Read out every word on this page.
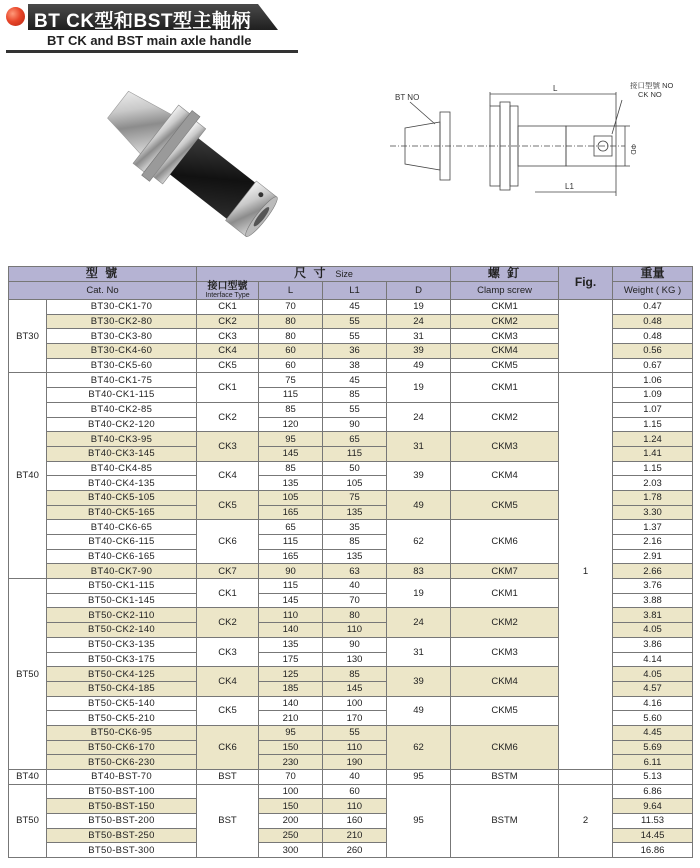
BT CK型和BST型主軸柄
BT CK and BST main axle handle
BT NO
L
L1
ΦD
接口型號 NO
CK NO
型 號		尺 寸 Size				螺 釘	Fig.	重量
Cat. No		接口型號
Interface Type	L	L1	D	Clamp screw		Weight ( KG )
BT30	BT30-CK1-70	CK1	70	45	19	CKM1		0.47
	BT30-CK2-80	CK2	80	55	24	CKM2		0.48
	BT30-CK3-80	CK3	80	55	31	CKM3		0.48
	BT30-CK4-60	CK4	60	36	39	CKM4		0.56
	BT30-CK5-60	CK5	60	38	49	CKM5		0.67
BT40	BT40-CK1-75	CK1	75	45	19	CKM1	1	1.06
	BT40-CK1-115		115	85				1.09
	BT40-CK2-85	CK2	85	55	24	CKM2		1.07
	BT40-CK2-120		120	90				1.15
	BT40-CK3-95	CK3	95	65	31	CKM3		1.24
	BT40-CK3-145		145	115				1.41
	BT40-CK4-85	CK4	85	50	39	CKM4		1.15
	BT40-CK4-135		135	105				2.03
	BT40-CK5-105	CK5	105	75	49	CKM5		1.78
	BT40-CK5-165		165	135				3.30
	BT40-CK6-65	CK6	65	35	62	CKM6		1.37
	BT40-CK6-115		115	85				2.16
	BT40-CK6-165		165	135				2.91
	BT40-CK7-90	CK7	90	63	83	CKM7		2.66
BT50	BT50-CK1-115	CK1	115	40	19	CKM1		3.76
	BT50-CK1-145		145	70				3.88
	BT50-CK2-110	CK2	110	80	24	CKM2		3.81
	BT50-CK2-140		140	110				4.05
	BT50-CK3-135	CK3	135	90	31	CKM3		3.86
	BT50-CK3-175		175	130				4.14
	BT50-CK4-125	CK4	125	85	39	CKM4		4.05
	BT50-CK4-185		185	145				4.57
	BT50-CK5-140	CK5	140	100	49	CKM5		4.16
	BT50-CK5-210		210	170				5.60
	BT50-CK6-95	CK6	95	55	62	CKM6		4.45
	BT50-CK6-170		150	110				5.69
	BT50-CK6-230		230	190				6.11
BT40	BT40-BST-70	BST	70	40	95	BSTM		5.13
BT50	BT50-BST-100	BST	100	60	95	BSTM	2	6.86
	BT50-BST-150		150	110				9.64
	BT50-BST-200		200	160				11.53
	BT50-BST-250		250	210				14.45
	BT50-BST-300		300	260				16.86
